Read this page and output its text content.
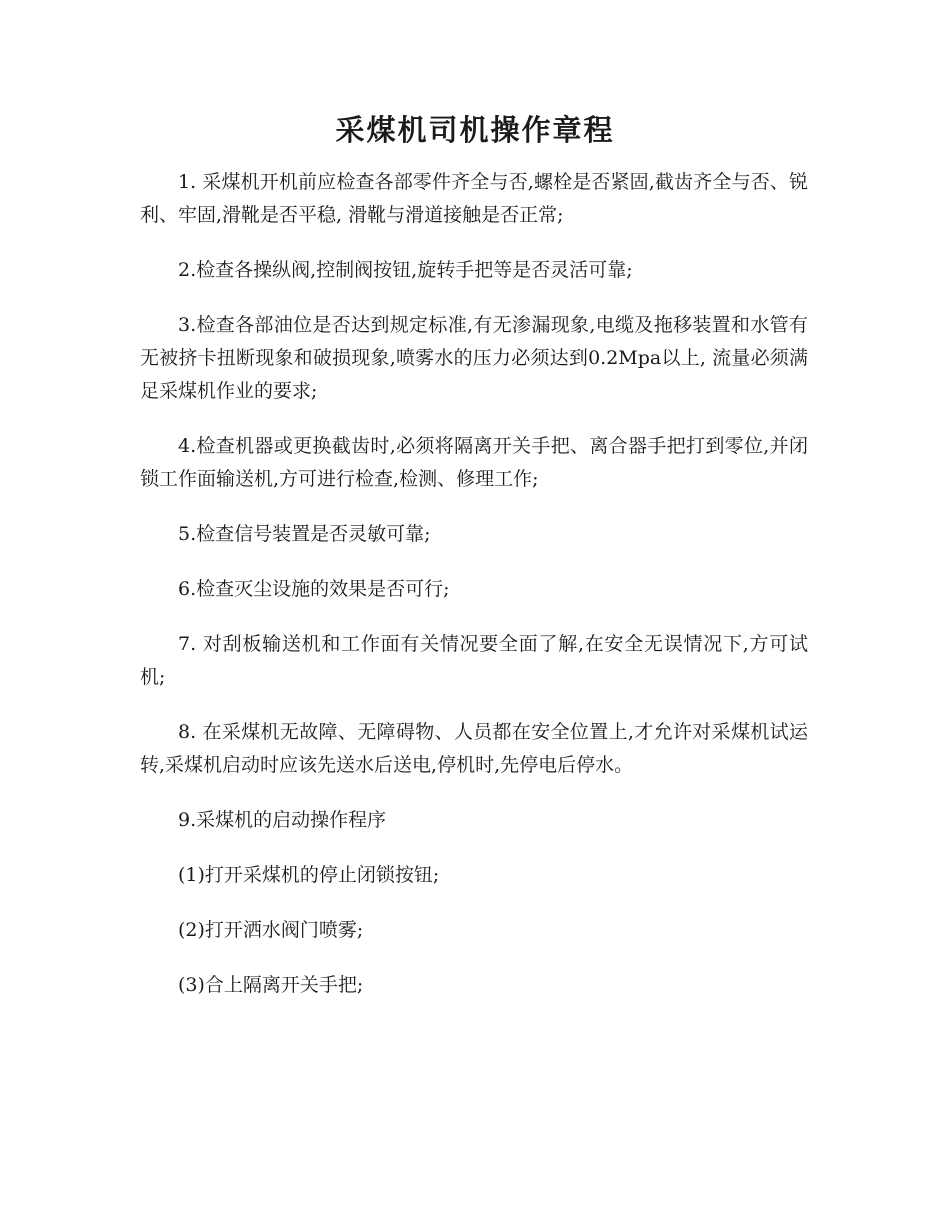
采煤机司机操作章程

1. 采煤机开机前应检查各部零件齐全与否,螺栓是否紧固,截齿齐全与否、锐利、牢固,滑靴是否平稳, 滑靴与滑道接触是否正常;

2.检查各操纵阀,控制阀按钮,旋转手把等是否灵活可靠;

3.检查各部油位是否达到规定标准,有无渗漏现象,电缆及拖移装置和水管有无被挤卡扭断现象和破损现象,喷雾水的压力必须达到0.2Mpa以上, 流量必须满足采煤机作业的要求;

4.检查机器或更换截齿时,必须将隔离开关手把、离合器手把打到零位,并闭锁工作面输送机,方可进行检查,检测、修理工作;

5.检查信号装置是否灵敏可靠;

6.检查灭尘设施的效果是否可行;

7. 对刮板输送机和工作面有关情况要全面了解,在安全无误情况下,方可试机;

8. 在采煤机无故障、无障碍物、人员都在安全位置上,才允许对采煤机试运转,采煤机启动时应该先送水后送电,停机时,先停电后停水。

9.采煤机的启动操作程序

(1)打开采煤机的停止闭锁按钮;

(2)打开洒水阀门喷雾;

(3)合上隔离开关手把;
